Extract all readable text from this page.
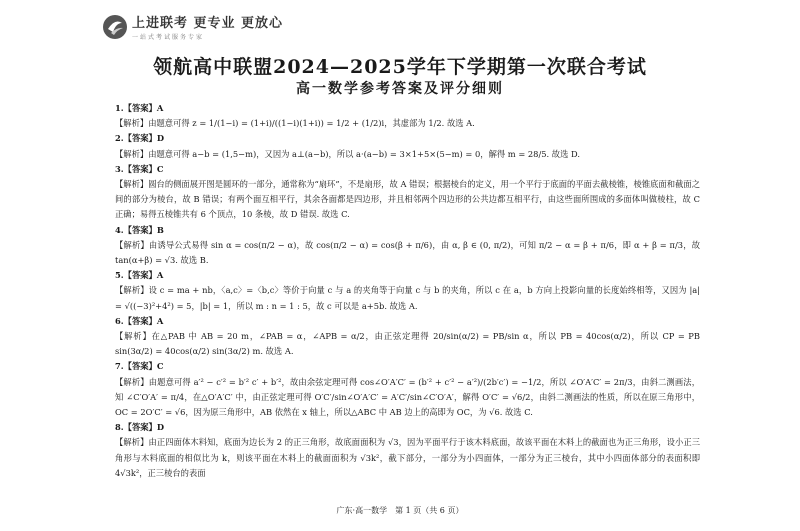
上进联考 更专业 更放心
一站式考试服务专家
领航高中联盟2024—2025学年下学期第一次联合考试
高一数学参考答案及评分细则
1.【答案】A
【解析】由题意可得 z = 1/(1−i) = (1+i)/((1−i)(1+i)) = 1/2 + (1/2)i，其虚部为 1/2. 故选 A.
2.【答案】D
【解析】由题意可得 a−b = (1,5−m)，又因为 a⊥(a−b)，所以 a·(a−b) = 3×1+5×(5−m) = 0，解得 m = 28/5. 故选 D.
3.【答案】C
【解析】圆台的侧面展开图是圆环的一部分，通常称为“扇环”，不是扇形，故 A 错误；根据棱台的定义，用一个平行于底面的平面去截棱锥，棱锥底面和截面之间的部分为棱台，故 B 错误；有两个面互相平行，其余各面都是四边形，并且相邻两个四边形的公共边都互相平行，由这些面所围成的多面体叫做棱柱，故 C 正确；易得五棱锥共有 6 个顶点，10 条棱，故 D 错误. 故选 C.
4.【答案】B
【解析】由诱导公式易得 sin α = cos(π/2 − α)，故 cos(π/2 − α) = cos(β + π/6)，由 α, β ∈ (0, π/2)，可知 π/2 − α = β + π/6，即 α + β = π/3，故 tan(α+β) = √3. 故选 B.
5.【答案】A
【解析】设 c = ma + nb，〈a,c〉=〈b,c〉等价于向量 c 与 a 的夹角等于向量 c 与 b 的夹角，所以 c 在 a，b 方向上投影向量的长度始终相等，又因为 |a| = √((−3)²+4²) = 5，|b| = 1，所以 m : n = 1 : 5，故 c 可以是 a+5b. 故选 A.
6.【答案】A
【解析】在△PAB 中 AB = 20 m，∠PAB = α，∠APB = α/2，由正弦定理得 20/sin(α/2) = PB/sin α，所以 PB = 40cos(α/2)，所以 CP = PB sin(3α/2) = 40cos(α/2) sin(3α/2) m. 故选 A.
7.【答案】C
【解析】由题意可得 a′² − c′² = b′² c′ + b′²，故由余弦定理可得 cos∠O′A′C′ = (b′² + c′² − a′²)/(2b′c′) = −1/2，所以 ∠O′A′C′ = 2π/3，由斜二测画法，知 ∠C′O′A′ = π/4，在△O′A′C′ 中，由正弦定理可得 O′C′/sin∠O′A′C′ = A′C′/sin∠C′O′A′，解得 O′C′ = √6/2，由斜二测画法的性质，所以在原三角形中，OC = 2O′C′ = √6，因为原三角形中，AB 依然在 x 轴上，所以△ABC 中 AB 边上的高即为 OC，为 √6. 故选 C.
8.【答案】D
【解析】由正四面体木料知，底面为边长为 2 的正三角形，故底面面积为 √3，因为平面平行于该木料底面，故该平面在木料上的截面也为正三角形，设小正三角形与木料底面的相似比为 k，则该平面在木料上的截面面积为 √3k²，截下部分，一部分为小四面体，一部分为正三棱台，其中小四面体部分的表面积即 4√3k²，正三棱台的表面
广东·高一数学　第 1 页（共 6 页）
